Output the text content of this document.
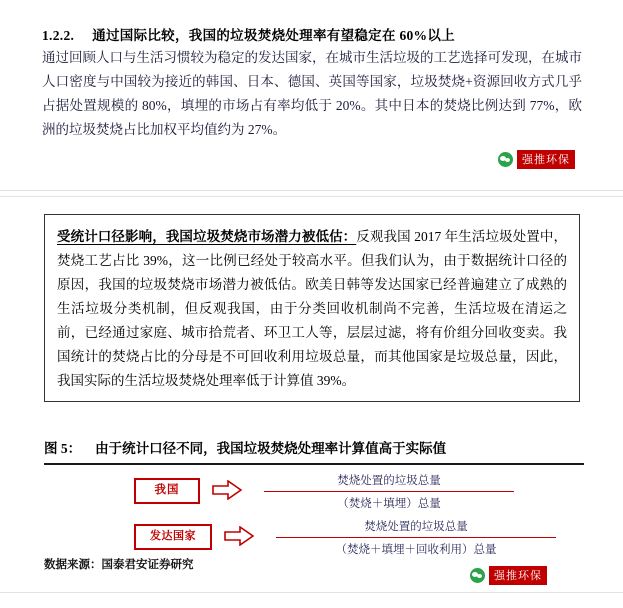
1.2.2. 通过国际比较，我国的垃圾焚烧处理率有望稳定在 60%以上
通过回顾人口与生活习惯较为稳定的发达国家，在城市生活垃圾的工艺选择可发现，在城市人口密度与中国较为接近的韩国、日本、德国、英国等国家，垃圾焚烧+资源回收方式几乎占据处置规模的 80%，填埋的市场占有率均低于 20%。其中日本的焚烧比例达到 77%，欧洲的垃圾焚烧占比加权平均值约为 27%。
强推环保

受统计口径影响，我国垃圾焚烧市场潜力被低估：反观我国 2017 年生活垃圾处置中，焚烧工艺占比 39%，这一比例已经处于较高水平。但我们认为，由于数据统计口径的原因，我国的垃圾焚烧市场潜力被低估。欧美日韩等发达国家已经普遍建立了成熟的生活垃圾分类机制，但反观我国，由于分类回收机制尚不完善，生活垃圾在清运之前，已经通过家庭、城市拾荒者、环卫工人等，层层过滤，将有价组分回收变卖。我国统计的焚烧占比的分母是不可回收利用垃圾总量，而其他国家是垃圾总量，因此，我国实际的生活垃圾焚烧处理率低于计算值 39%。

图 5： 由于统计口径不同，我国垃圾焚烧处理率计算值高于实际值
我国
焚烧处置的垃圾总量
（焚烧＋填埋）总量
发达国家
焚烧处置的垃圾总量
（焚烧＋填埋＋回收利用）总量
数据来源：国泰君安证券研究
强推环保
